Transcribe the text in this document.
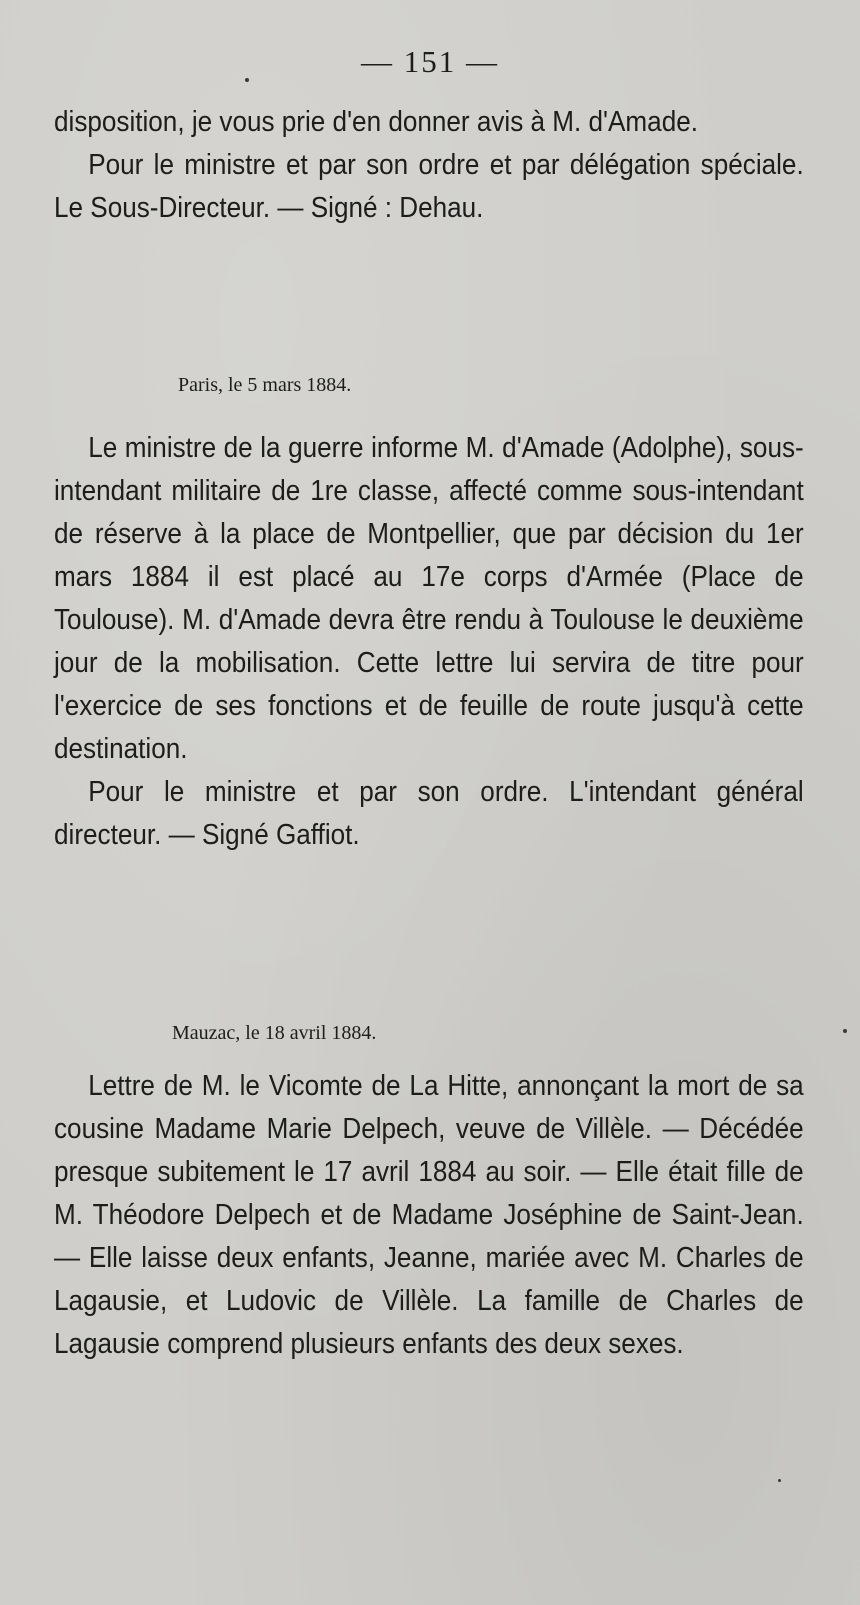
— 151 —

disposition, je vous prie d'en donner avis à M. d'Amade.

Pour le ministre et par son ordre et par délégation spéciale. Le Sous-Directeur. — Signé : Dehau.

Paris, le 5 mars 1884.

Le ministre de la guerre informe M. d'Amade (Adolphe), sous-intendant militaire de 1re classe, affecté comme sous-intendant de réserve à la place de Montpellier, que par décision du 1er mars 1884 il est placé au 17e corps d'Armée (Place de Toulouse). M. d'Amade devra être rendu à Toulouse le deuxième jour de la mobilisation. Cette lettre lui servira de titre pour l'exercice de ses fonctions et de feuille de route jusqu'à cette destination.

Pour le ministre et par son ordre. L'intendant général directeur. — Signé Gaffiot.

Mauzac, le 18 avril 1884.

Lettre de M. le Vicomte de La Hitte, annonçant la mort de sa cousine Madame Marie Delpech, veuve de Villèle. — Décédée presque subitement le 17 avril 1884 au soir. — Elle était fille de M. Théodore Delpech et de Madame Joséphine de Saint-Jean. — Elle laisse deux enfants, Jeanne, mariée avec M. Charles de Lagausie, et Ludovic de Villèle. La famille de Charles de Lagausie comprend plusieurs enfants des deux sexes.
